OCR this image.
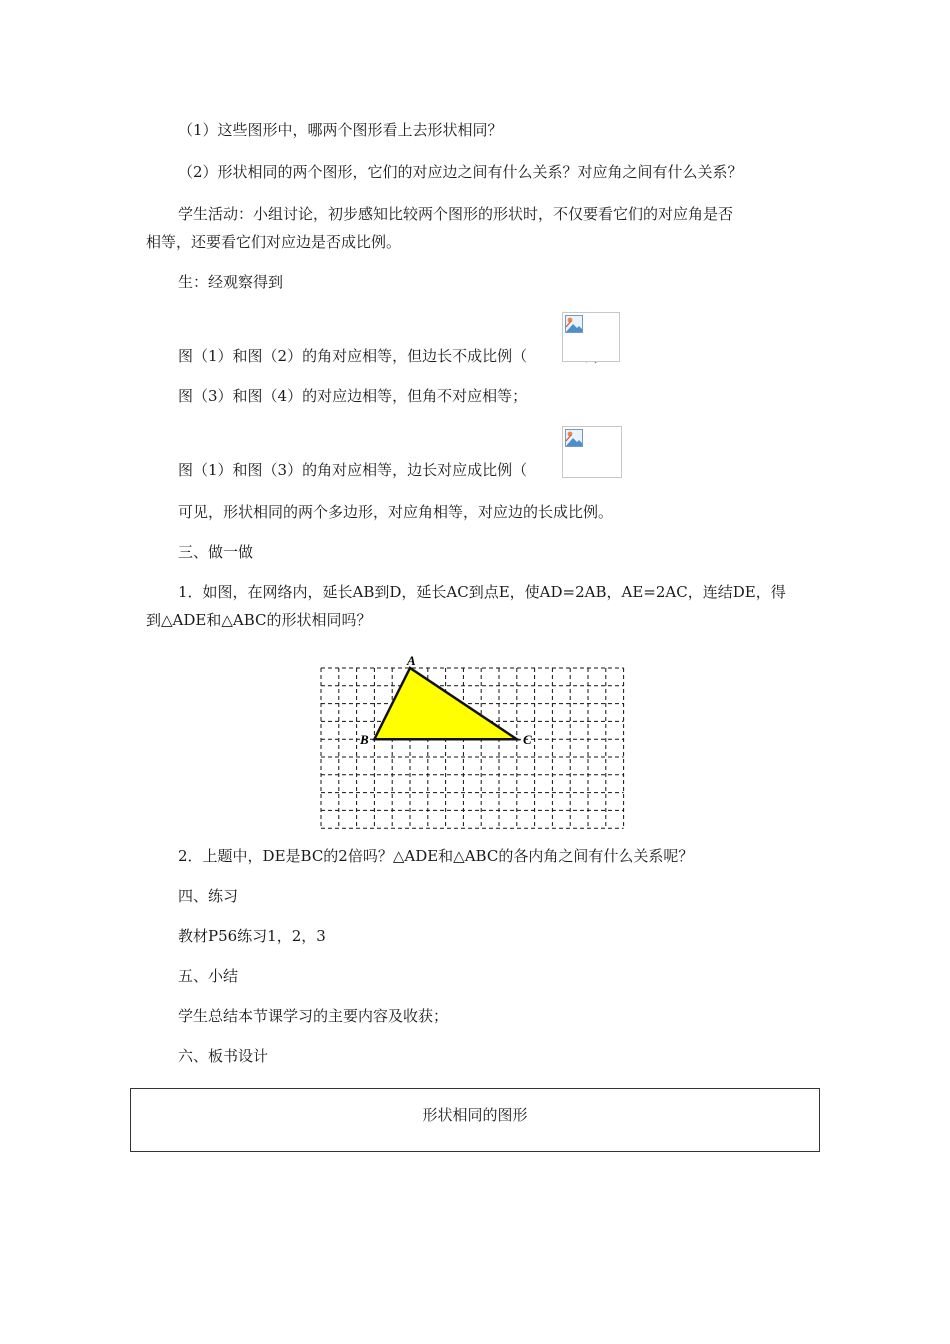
（1）这些图形中，哪两个图形看上去形状相同？
（2）形状相同的两个图形，它们的对应边之间有什么关系？对应角之间有什么关系？
学生活动：小组讨论，初步感知比较两个图形的形状时，不仅要看它们的对应角是否
相等，还要看它们对应边是否成比例。
生：经观察得到
图（1）和图（2）的角对应相等，但边长不成比例（
图（3）和图（4）的对应边相等，但角不对应相等；
图（1）和图（3）的角对应相等，边长对应成比例（
可见，形状相同的两个多边形，对应角相等，对应边的长成比例。
三、做一做
1．如图，在网络内，延长AB到D，延长AC到点E，使AD=2AB，AE=2AC，连结DE，得
到△ADE和△ABC的形状相同吗？
A
B	C
2．上题中，DE是BC的2倍吗？△ADE和△ABC的各内角之间有什么关系呢？
四、练习
教材P56练习1，2，3
五、小结
学生总结本节课学习的主要内容及收获；
六、板书设计
形状相同的图形
